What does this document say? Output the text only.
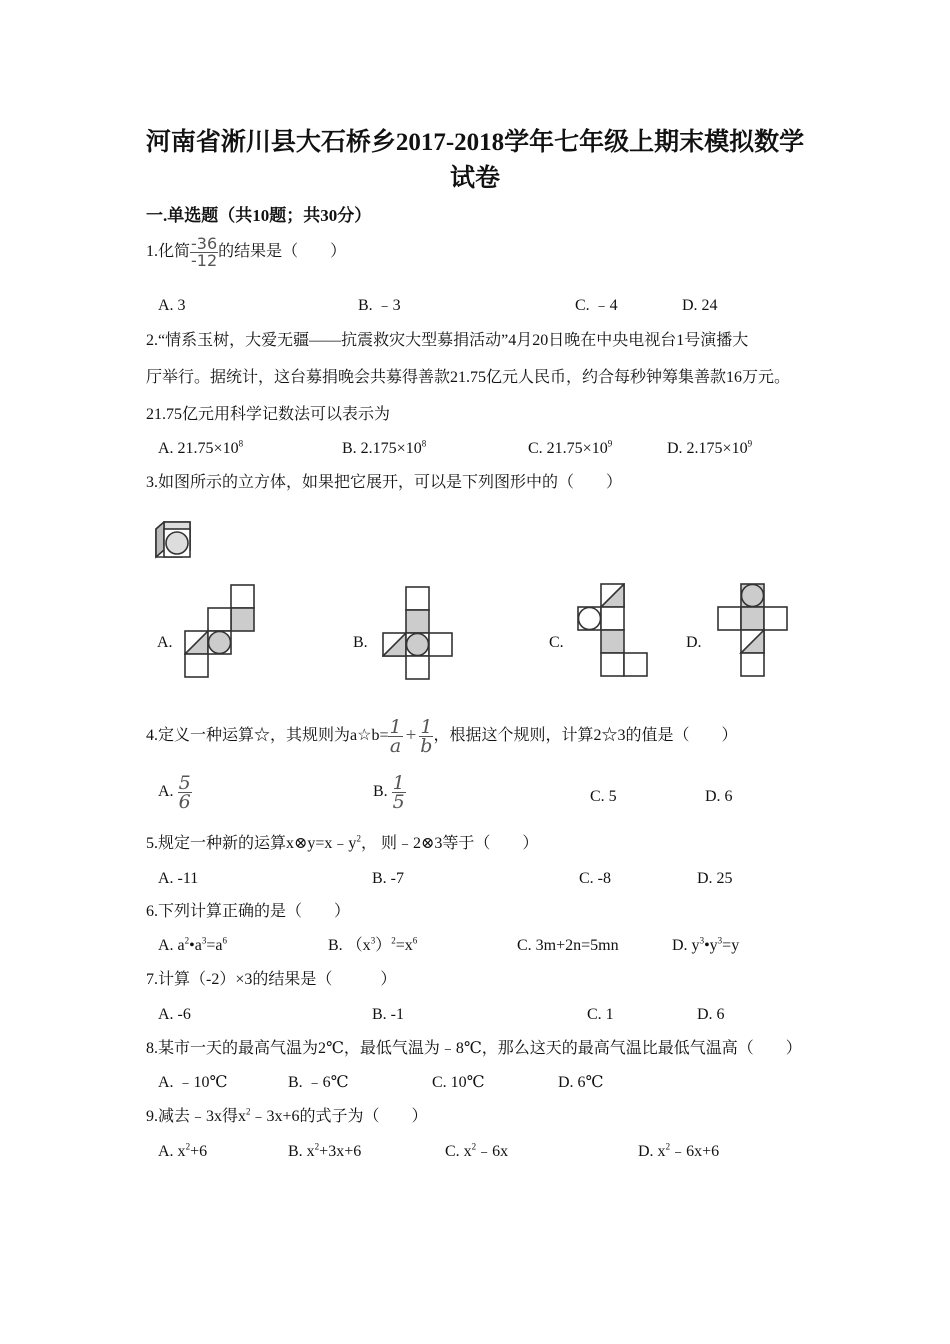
河南省淅川县大石桥乡2017-2018学年七年级上期末模拟数学
试卷
一.单选题（共10题；共30分）
1.化简 $\frac{-36}{-12}$ 的结果是（　　）
A. 3	B. ﹣3	C. ﹣4	D. 24
2.“情系玉树，大爱无疆——抗震救灾大型募捐活动”4月20日晚在中央电视台1号演播大
厅举行。据统计，这台募捐晚会共募得善款21.75亿元人民币，约合每秒钟筹集善款16万元。
21.75亿元用科学记数法可以表示为
A. $21.75\times 10^8$	B. $2.175\times 10^8$	C. $21.75\times 10^9$	D. $2.175\times 10^9$
3.如图所示的立方体，如果把它展开，可以是下列图形中的（　　）
A.	B.	C.	D.
4.定义一种运算☆，其规则为a☆b= $\frac{1}{a} + \frac{1}{b}$ ，根据这个规则，计算2☆3的值是（　　）
A. $\frac{5}{6}$	B. $\frac{1}{5}$	C. 5	D. 6
5.规定一种新的运算$x\otimes y=x﹣y^2$， 则﹣2⊗3等于（　　）
A. -11	B. -7	C. -8	D. 25
6.下列计算正确的是（　　）
A. $a^2•a^3=a^6$	B. $(x^3)^2=x^6$	C. 3m+2n=5mn	D. $y^3•y^3=y$
7.计算（-2）×3的结果是（　　　）
A. -6	B. -1	C. 1	D. 6
8.某市一天的最高气温为2℃，最低气温为﹣8℃，那么这天的最高气温比最低气温高（　　）
A. ﹣10℃	B. ﹣6℃	C. 10℃	D. 6℃
9.减去﹣3x得$x^2﹣3x+6$的式子为（　　）
A. $x^2+6$	B. $x^2+3x+6$	C. $x^2﹣6x$	D. $x^2﹣6x+6$
